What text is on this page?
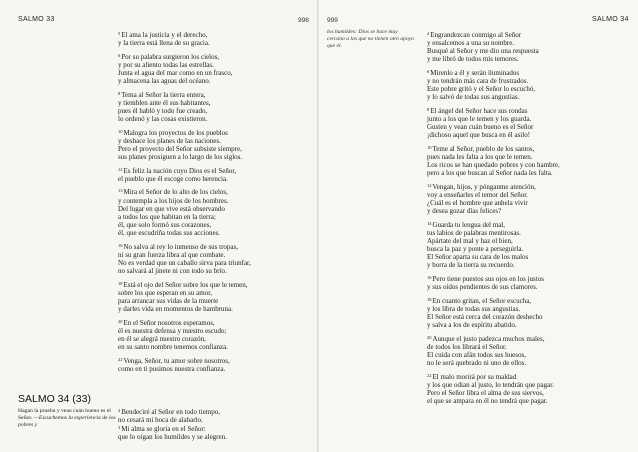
SALMO 33	998

$^5$El ama la justicia y el derecho,

y la tierra está llena de su gracia.

$^6$Por su palabra surgieron los cielos,

y por su aliento todas las estrellas.

Junta el agua del mar como en un frasco,

y almacena las aguas del océano.

$^8$Tema al Señor la tierra entera,

y tiemblen ante él sus habitantes,

pues él habló y todo fue creado,

lo ordenó y las cosas existieron.

$^{10}$Malogra los proyectos de los pueblos

y deshace los planes de las naciones.

Pero el proyecto del Señor subsiste siempre,

sus planes prosiguen a lo largo de los siglos.

$^{12}$Es feliz la nación cuyo Dios es el Señor,

el pueblo que él escoge como herencia.

$^{13}$Mira el Señor de lo alto de los cielos,

y contempla a los hijos de los hombres.

Del lugar en que vive está observando

a todos los que habitan en la tierra;

él, que solo formó sus corazones,

él, que escudriña todas sus acciones.

$^{16}$No salva al rey lo inmenso de sus tropas,

ni su gran fuerza libra al que combate.

No es verdad que un caballo sirva para triunfar,

no salvará al jinete ni con todo su brío.

$^{18}$Está el ojo del Señor sobre los que le temen,

sobre los que esperan en su amor,

para arrancar sus vidas de la muerte

y darles vida en momentos de hambruna.

$^{20}$En el Señor nosotros esperamos,

él es nuestra defensa y nuestro escudo;

en él se alegrá nuestro corazón,

en su santo nombre tenemos confianza.

$^{22}$Venga, Señor, tu amor sobre nosotros,

como en ti pusimos nuestra confianza.

SALMO 34 (33)
Hagan la prueba y vean cuán bueno es el Señor. —Escuchemos la experiencia de los pobres y

$^2$Bendeciré al Señor en todo tiempo,

no cesará mi boca de alabarlo.

$^3$Mi alma se gloria en el Señor:

que lo oigan los humildes y se alegren.

999	SALMO 34
los humildes: Dios se hace muy cercano a los que no tienen otro apoyo que él.

$^4$Engrandezcan conmigo al Señor

y ensalcemos a una su nombre.

Busqué al Señor y me dio una respuesta

y me libró de todos mis temores.

$^6$Mírenlo a él y serán iluminados

y no tendrán más cara de frustrados.

Este pobre gritó y el Señor lo escuchó,

y lo salvó de todas sus angustias.

$^8$El ángel del Señor hace sus rondas

junto a los que le temen y los guarda.

Gusten y vean cuán bueno es el Señor

¡dichoso aquel que busca en él asilo!

$^{10}$Teme al Señor, pueblo de los santos,

pues nada les falta a los que le temen.

Los ricos se han quedado pobres y con hambre,

pero a los que buscan al Señor nada les falta.

$^{12}$Vengan, hijos, y pónganme atención,

voy a enseñarles el temor del Señor.

¿Cuál es el hombre que anhela vivir

y desea gozar días felices?

$^{14}$Guarda tu lengua del mal,

tus labios de palabras mentirosas.

Apártate del mal y haz el bien,

busca la paz y ponte a perseguirla.

El Señor aparta su cara de los malos

y borra de la tierra su recuerdo.

$^{16}$Pero tiene puestos sus ojos en los justos

y sus oídos pendientes de sus clamores.

$^{18}$En cuanto gritan, el Señor escucha,

y los libra de todas sus angustias.

El Señor está cerca del corazón deshecho

y salva a los de espíritu abatido.

$^{20}$Aunque el justo padezca muchos males,

de todos los librará el Señor.

El cuida con afán todos sus huesos,

no le será quebrado ni uno de ellos.

$^{22}$El malo morirá por su maldad

y los que odian al justo, lo tendrán que pagar.

Pero el Señor libra el alma de sus siervos,

el que se ampara en él no tendrá que pagar.
